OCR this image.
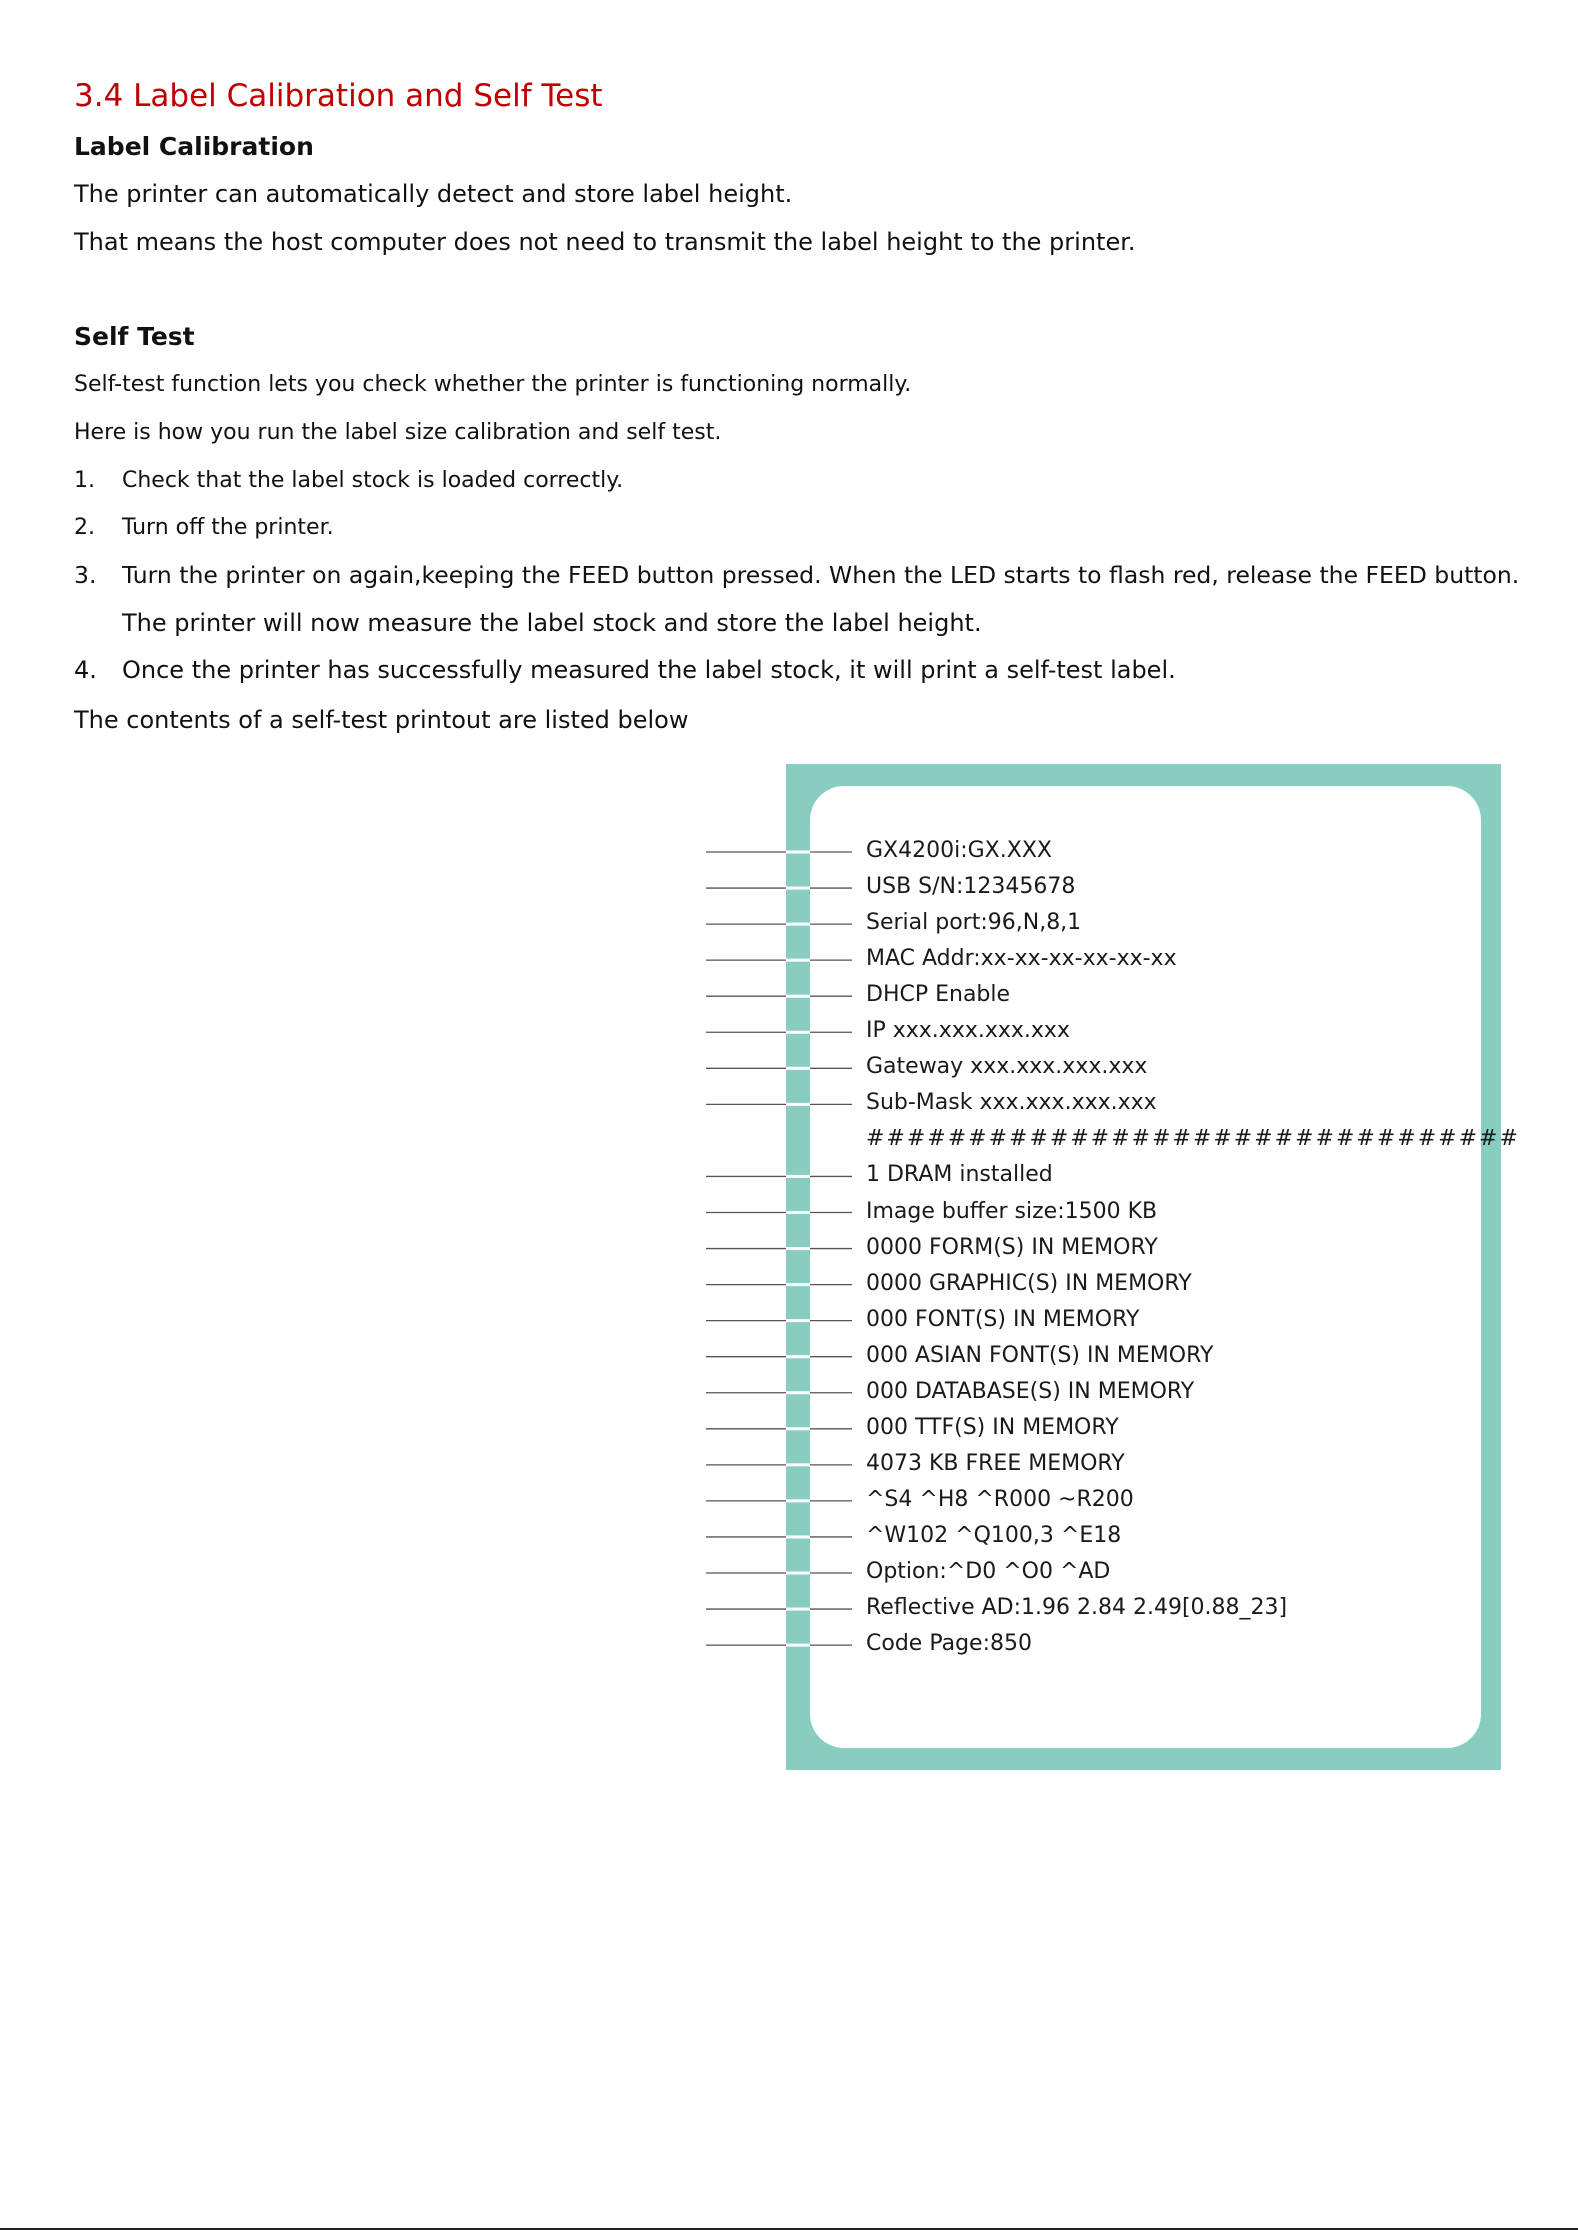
3.4 Label Calibration and Self Test
Label Calibration

The printer can automatically detect and store label height.

That means the host computer does not need to transmit the label height to the printer.

Self Test

Self-test function lets you check whether the printer is functioning normally.

Here is how you run the label size calibration and self test.

1. Check that the label stock is loaded correctly.

2. Turn off the printer.

3. Turn the printer on again,keeping the FEED button pressed. When the LED starts to flash red, release the FEED button.

The printer will now measure the label stock and store the label height.

4. Once the printer has successfully measured the label stock, it will print a self-test label.

The contents of a self-test printout are listed below

GX4200i:GX.XXX

USB S/N:12345678

Serial port:96,N,8,1

MAC Addr:xx-xx-xx-xx-xx-xx

DHCP Enable

IP xxx.xxx.xxx.xxx

Gateway xxx.xxx.xxx.xxx

Sub-Mask xxx.xxx.xxx.xxx

################################

1 DRAM installed

Image buffer size:1500 KB

0000 FORM(S) IN MEMORY

0000 GRAPHIC(S) IN MEMORY

000 FONT(S) IN MEMORY

000 ASIAN FONT(S) IN MEMORY

000 DATABASE(S) IN MEMORY

000 TTF(S) IN MEMORY

4073 KB FREE MEMORY

^S4 ^H8 ^R000 ~R200

^W102 ^Q100,3 ^E18

Option:^D0 ^O0 ^AD

Reflective AD:1.96 2.84 2.49[0.88_23]

Code Page:850
